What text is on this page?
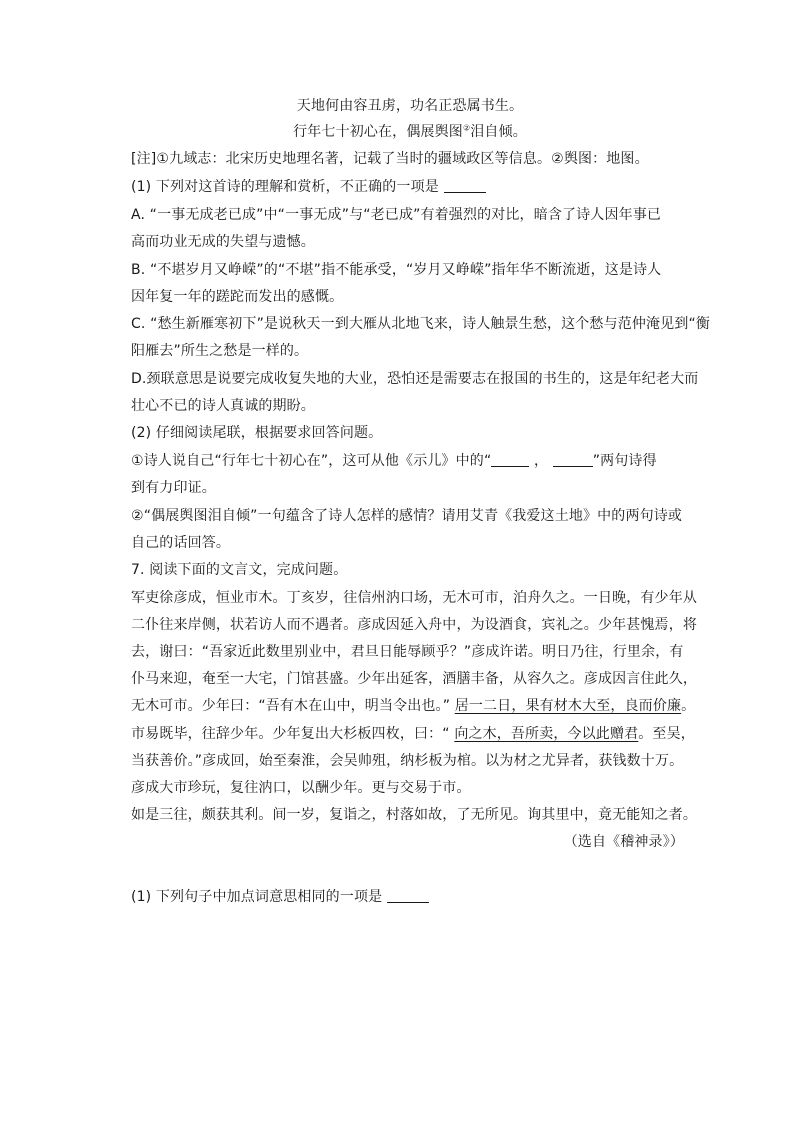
天地何由容丑虏，功名正恐属书生。
行年七十初心在，偶展舆图②泪自倾。
[注]①九域志：北宋历史地理名著，记载了当时的疆域政区等信息。②舆图：地图。
(1) 下列对这首诗的理解和赏析，不正确的一项是
A. “一事无成老已成”中“一事无成”与“老已成”有着强烈的对比，暗含了诗人因年事已
高而功业无成的失望与遗憾。
B. “不堪岁月又峥嵘”的“不堪”指不能承受，“岁月又峥嵘”指年华不断流逝，这是诗人
因年复一年的蹉跎而发出的感慨。
C. “愁生新雁寒初下”是说秋天一到大雁从北地飞来，诗人触景生愁，这个愁与范仲淹见到“衡
阳雁去”所生之愁是一样的。
D.颈联意思是说要完成收复失地的大业，恐怕还是需要志在报国的书生的，这是年纪老大而
壮心不已的诗人真诚的期盼。
(2) 仔细阅读尾联，根据要求回答问题。
①诗人说自己“行年七十初心在”，这可从他《示儿》中的“	，	”两句诗得
到有力印证。
②“偶展舆图泪自倾”一句蕴含了诗人怎样的感情？请用艾青《我爱这土地》中的两句诗或
自己的话回答。
7. 阅读下面的文言文，完成问题。
军吏徐彦成，恒业市木。丁亥岁，往信州汭口场，无木可市，泊舟久之。一日晚，有少年从
二仆往来岸侧，状若访人而不遇者。彦成因延入舟中，为设酒食，宾礼之。少年甚愧焉，将
去，谢曰：“吾家近此数里别业中，君旦日能辱顾乎？”彦成许诺。明日乃往，行里余，有
仆马来迎，奄至一大宅，门馆甚盛。少年出延客，酒膳丰备，从容久之。彦成因言住此久，
无木可市。少年曰：“吾有木在山中，明当令出也。” 居一二日，果有材木大至，良而价廉。
市易既毕，往辞少年。少年复出大杉板四枚，曰：“ 向之木，吾所卖，今以此赠君。至吴，
当获善价。”彦成回，始至秦淮，会吴帅殂，纳杉板为棺。以为材之尤异者，获钱数十万。
彦成大市珍玩，复往汭口，以酬少年。更与交易于市。
如是三往，颇获其利。间一岁，复诣之，村落如故，了无所见。询其里中，竟无能知之者。
（选自《稽神录》）
(1) 下列句子中加点词意思相同的一项是
